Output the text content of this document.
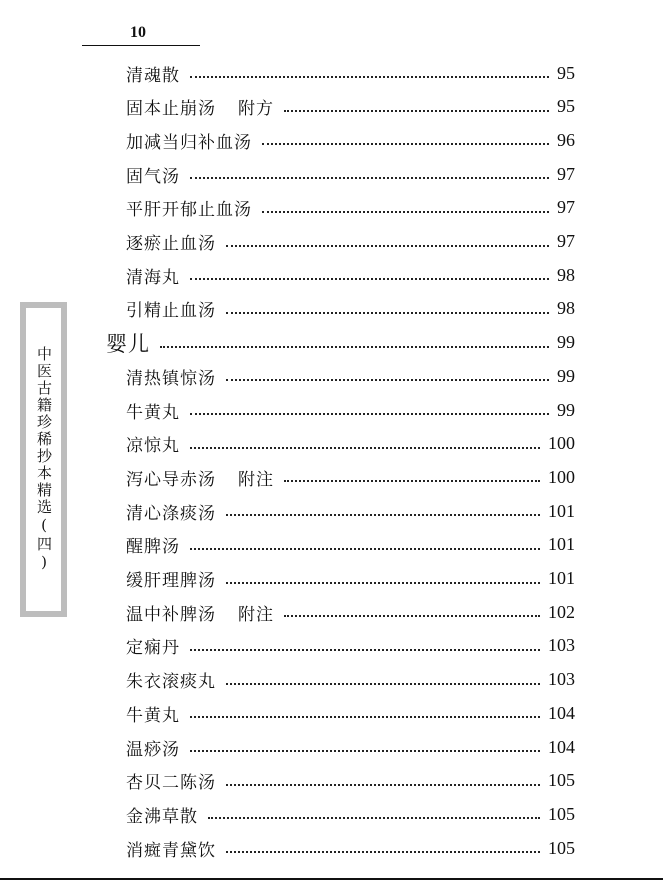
10
中医古籍珍稀抄本精选(四)
清魂散	95
固本止崩汤 附方	95
加减当归补血汤	96
固气汤	97
平肝开郁止血汤	97
逐瘀止血汤	97
清海丸	98
引精止血汤	98
婴儿	99
清热镇惊汤	99
牛黄丸	99
凉惊丸	100
泻心导赤汤 附注	100
清心涤痰汤	101
醒脾汤	101
缓肝理脾汤	101
温中补脾汤 附注	102
定痫丹	103
朱衣滚痰丸	103
牛黄丸	104
温痧汤	104
杏贝二陈汤	105
金沸草散	105
消癍青黛饮	105
